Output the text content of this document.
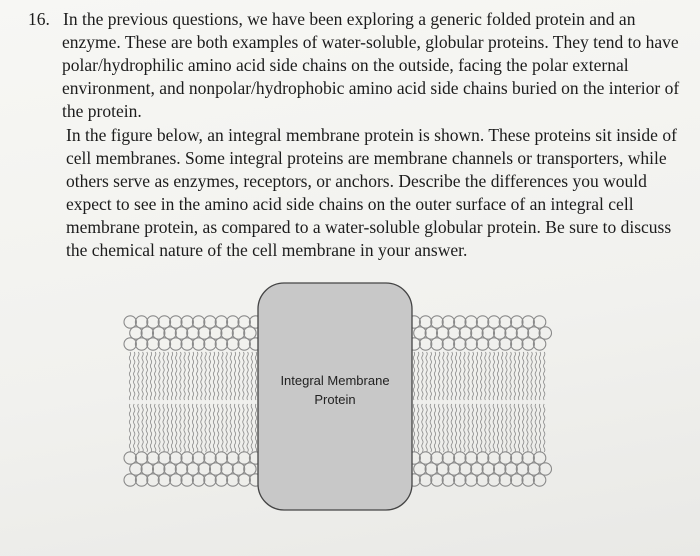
16. In the previous questions, we have been exploring a generic folded protein and an
enzyme. These are both examples of water-soluble, globular proteins. They tend to have
polar/hydrophilic amino acid side chains on the outside, facing the polar external
environment, and nonpolar/hydrophobic amino acid side chains buried on the interior of
the protein.
In the figure below, an integral membrane protein is shown. These proteins sit inside of
cell membranes. Some integral proteins are membrane channels or transporters, while
others serve as enzymes, receptors, or anchors. Describe the differences you would
expect to see in the amino acid side chains on the outer surface of an integral cell
membrane protein, as compared to a water-soluble globular protein. Be sure to discuss
the chemical nature of the cell membrane in your answer.
Integral Membrane
Protein
